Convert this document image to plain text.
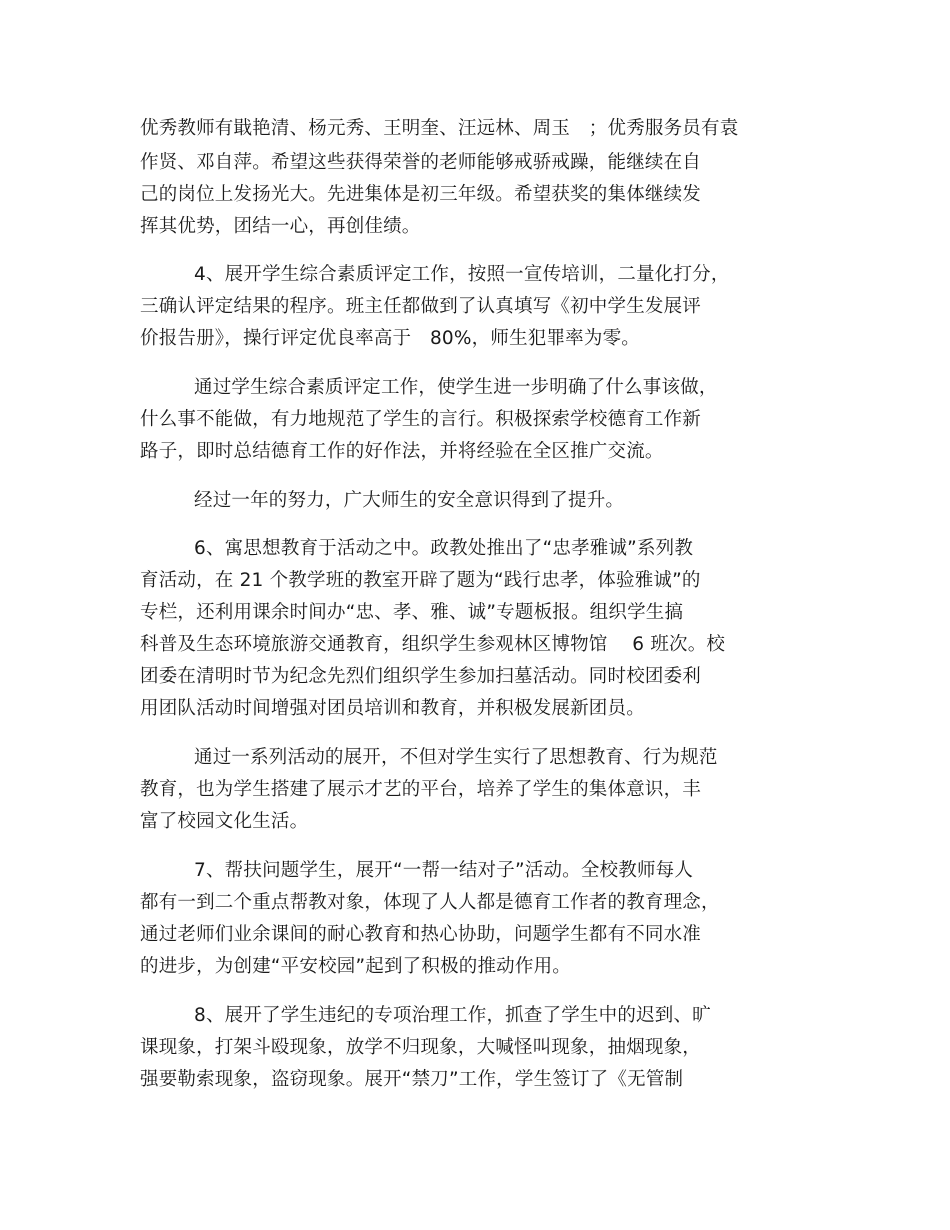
优秀教师有戢艳清、杨元秀、王明奎、汪远林、周玉　；优秀服务员有袁
作贤、邓自萍。希望这些获得荣誉的老师能够戒骄戒躁，能继续在自
己的岗位上发扬光大。先进集体是初三年级。希望获奖的集体继续发
挥其优势，团结一心，再创佳绩。
4、展开学生综合素质评定工作，按照一宣传培训，二量化打分，
三确认评定结果的程序。班主任都做到了认真填写《初中学生发展评
价报告册》，操行评定优良率高于　80%，师生犯罪率为零。
通过学生综合素质评定工作，使学生进一步明确了什么事该做，
什么事不能做，有力地规范了学生的言行。积极探索学校德育工作新
路子，即时总结德育工作的好作法，并将经验在全区推广交流。
经过一年的努力，广大师生的安全意识得到了提升。
6、寓思想教育于活动之中。政教处推出了“忠孝雅诚”系列教
育活动，在 21 个教学班的教室开辟了题为“践行忠孝，体验雅诚”的
专栏，还利用课余时间办“忠、孝、雅、诚”专题板报。组织学生搞
科普及生态环境旅游交通教育，组织学生参观林区博物馆　 6 班次。校
团委在清明时节为纪念先烈们组织学生参加扫墓活动。同时校团委利
用团队活动时间增强对团员培训和教育，并积极发展新团员。
通过一系列活动的展开，不但对学生实行了思想教育、行为规范
教育，也为学生搭建了展示才艺的平台，培养了学生的集体意识，丰
富了校园文化生活。
7、帮扶问题学生，展开“一帮一结对子”活动。全校教师每人
都有一到二个重点帮教对象，体现了人人都是德育工作者的教育理念，
通过老师们业余课间的耐心教育和热心协助，问题学生都有不同水准
的进步，为创建“平安校园”起到了积极的推动作用。
8、展开了学生违纪的专项治理工作，抓查了学生中的迟到、旷
课现象，打架斗殴现象，放学不归现象，大喊怪叫现象，抽烟现象，
强要勒索现象，盗窃现象。展开“禁刀”工作，学生签订了《无管制
